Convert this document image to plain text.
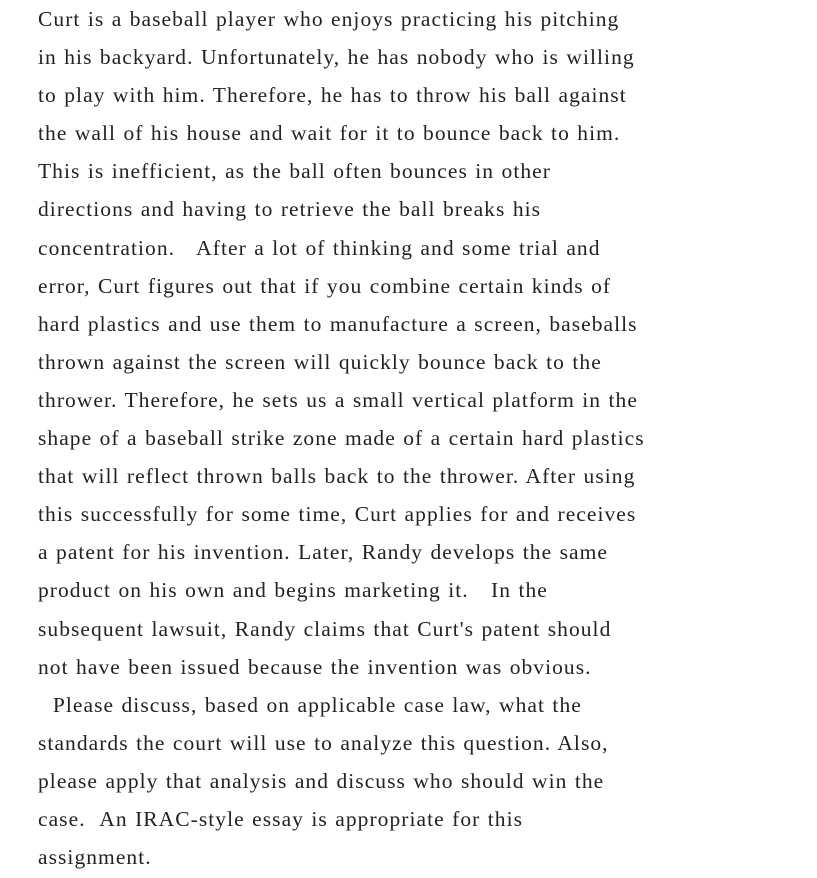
Curt is a baseball player who enjoys practicing his pitching
in his backyard. Unfortunately, he has nobody who is willing
to play with him. Therefore, he has to throw his ball against
the wall of his house and wait for it to bounce back to him.
This is inefficient, as the ball often bounces in other
directions and having to retrieve the ball breaks his
concentration.   After a lot of thinking and some trial and
error, Curt figures out that if you combine certain kinds of
hard plastics and use them to manufacture a screen, baseballs
thrown against the screen will quickly bounce back to the
thrower. Therefore, he sets us a small vertical platform in the
shape of a baseball strike zone made of a certain hard plastics
that will reflect thrown balls back to the thrower. After using
this successfully for some time, Curt applies for and receives
a patent for his invention. Later, Randy develops the same
product on his own and begins marketing it.   In the
subsequent lawsuit, Randy claims that Curt's patent should
not have been issued because the invention was obvious.
Please discuss, based on applicable case law, what the
standards the court will use to analyze this question. Also,
please apply that analysis and discuss who should win the
case.  An IRAC-style essay is appropriate for this
assignment.
